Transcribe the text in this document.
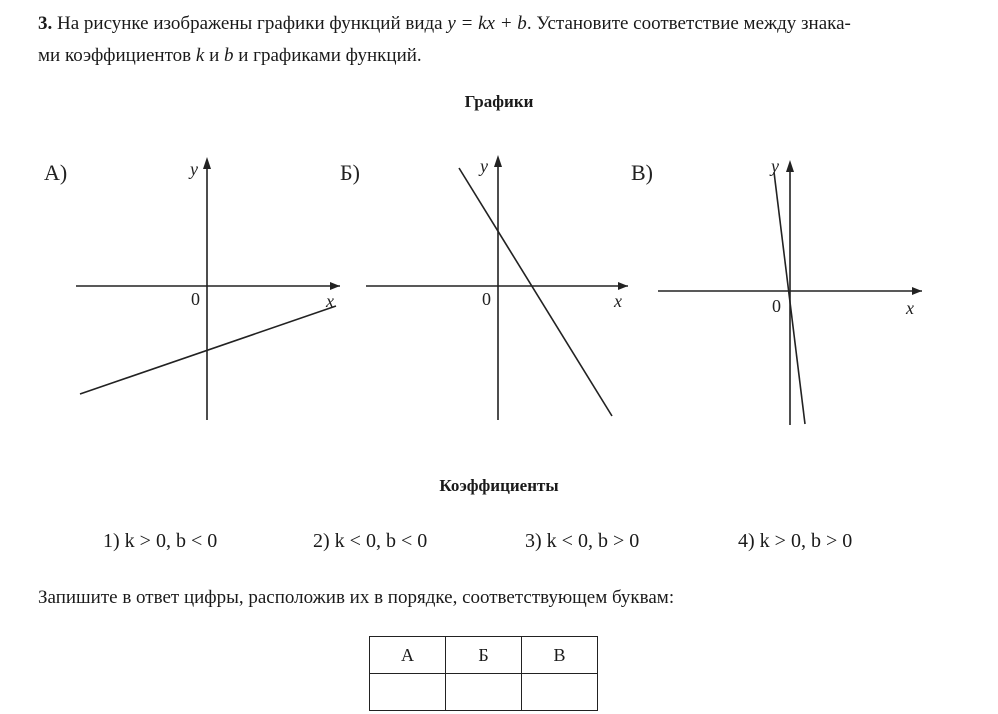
3. На рисунке изображены графики функций вида y = kx + b. Установите соответствие между знака-
ми коэффициентов k и b и графиками функций.
Графики
А)	y
x
0
Б)	y
x
0
В)	y
x
0
Коэффициенты
1) k > 0, b < 0	2) k < 0, b < 0	3) k < 0, b > 0	4) k > 0, b > 0
Запишите в ответ цифры, расположив их в порядке, соответствующем буквам:
А	Б	В
